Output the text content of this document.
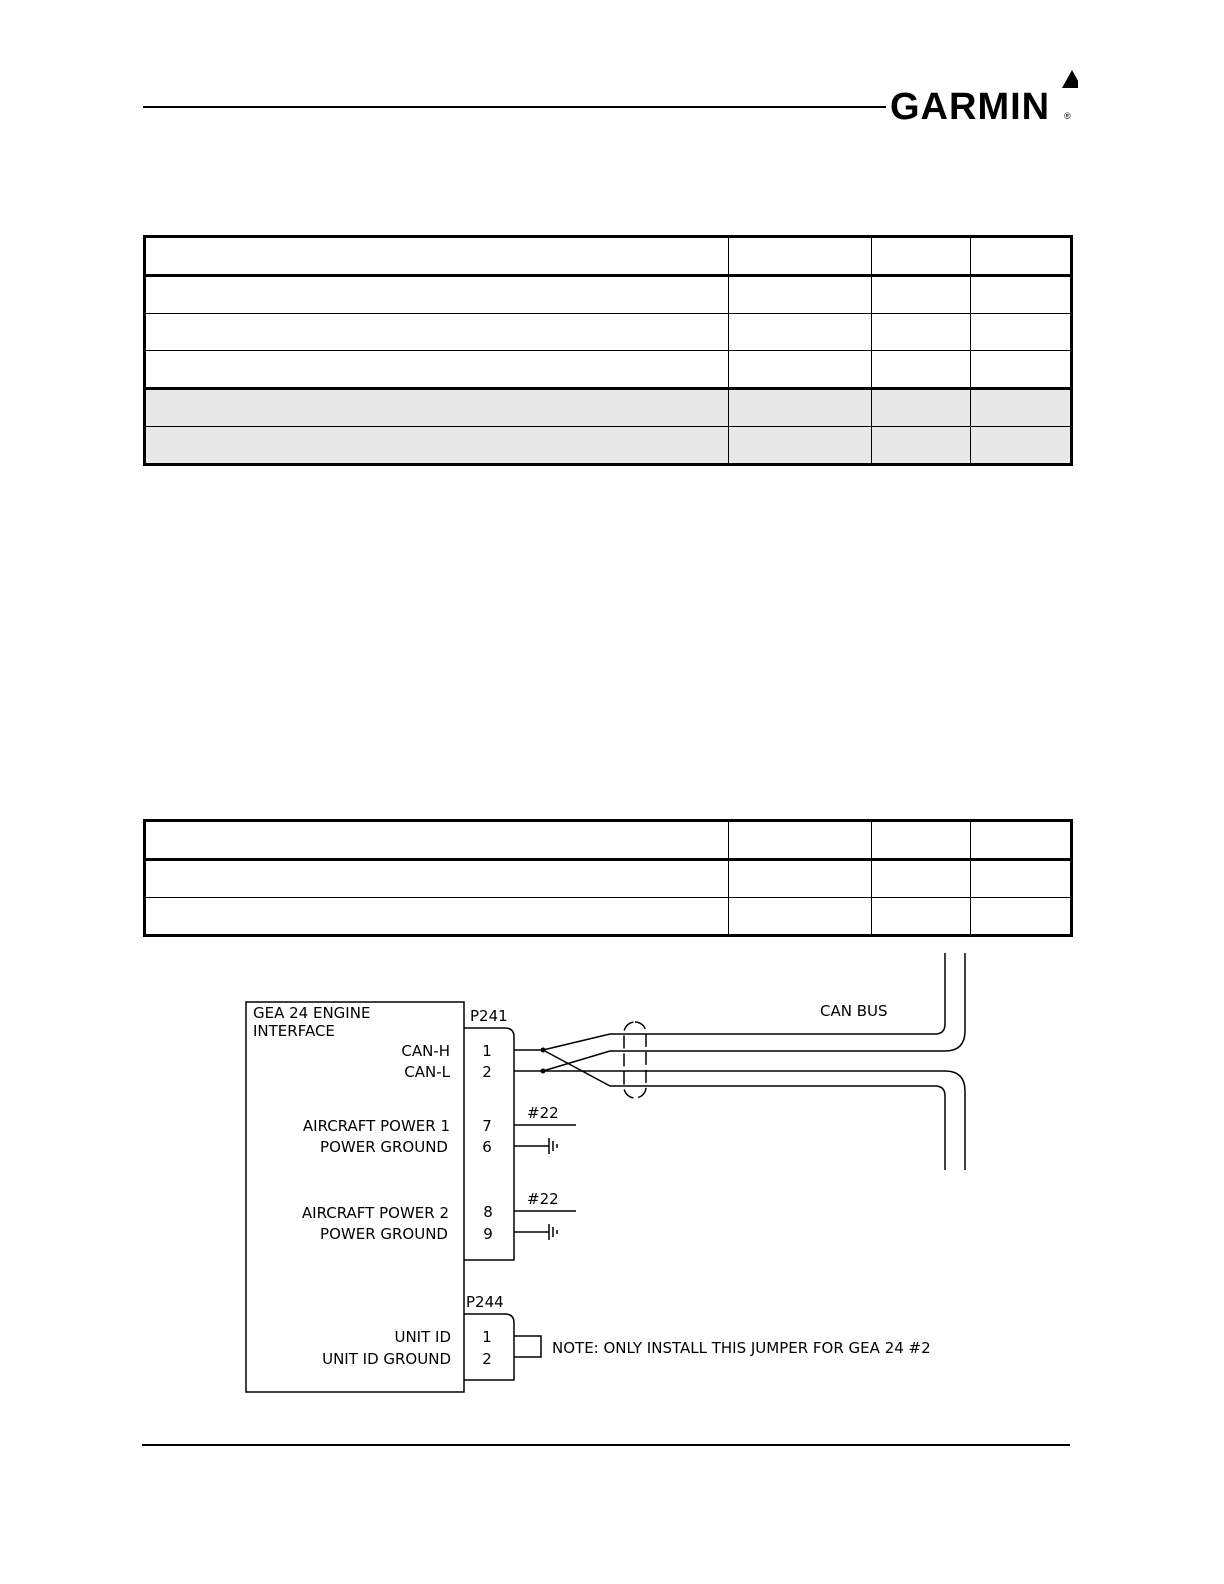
GARMIN ®

GEA 24 ENGINE
INTERFACE
P241
P244
CAN BUS
#22
#22
CAN-H 1
CAN-L 2
AIRCRAFT POWER 1 7
POWER GROUND 6
AIRCRAFT POWER 2 8
POWER GROUND 9
UNIT ID 1
UNIT ID GROUND 2
NOTE: ONLY INSTALL THIS JUMPER FOR GEA 24 #2
